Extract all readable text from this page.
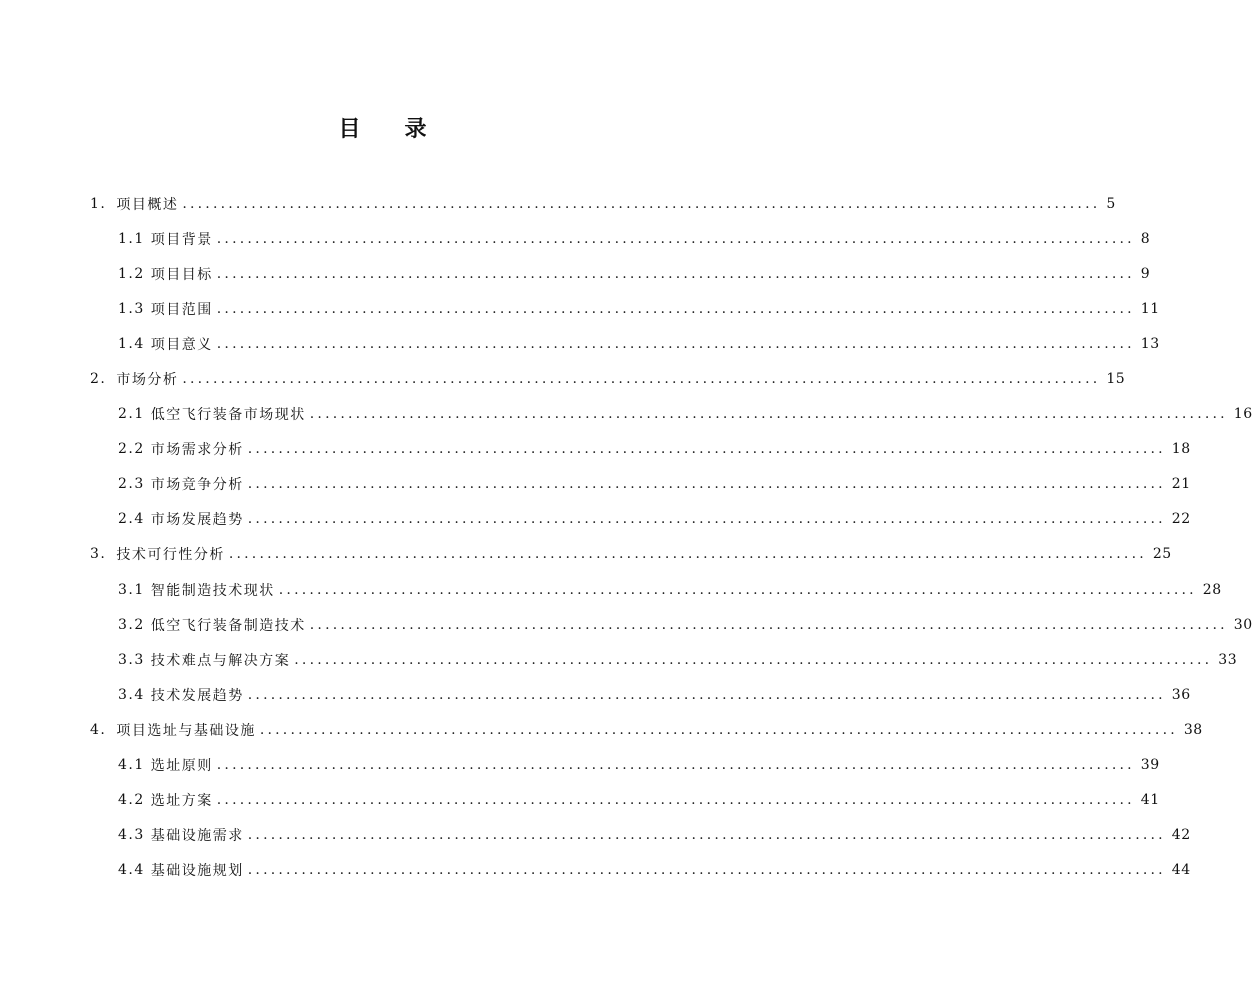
目 录
1. 项目概述 ........................................................................................................................ 5
1.1 项目背景 ........................................................................................................................ 8
1.2 项目目标 ........................................................................................................................ 9
1.3 项目范围 ........................................................................................................................ 11
1.4 项目意义 ........................................................................................................................ 13
2. 市场分析 ........................................................................................................................ 15
2.1 低空飞行装备市场现状 ........................................................................................................................ 16
2.2 市场需求分析 ........................................................................................................................ 18
2.3 市场竞争分析 ........................................................................................................................ 21
2.4 市场发展趋势 ........................................................................................................................ 22
3. 技术可行性分析 ........................................................................................................................ 25
3.1 智能制造技术现状 ........................................................................................................................ 28
3.2 低空飞行装备制造技术 ........................................................................................................................ 30
3.3 技术难点与解决方案 ........................................................................................................................ 33
3.4 技术发展趋势 ........................................................................................................................ 36
4. 项目选址与基础设施 ........................................................................................................................ 38
4.1 选址原则 ........................................................................................................................ 39
4.2 选址方案 ........................................................................................................................ 41
4.3 基础设施需求 ........................................................................................................................ 42
4.4 基础设施规划 ........................................................................................................................ 44
